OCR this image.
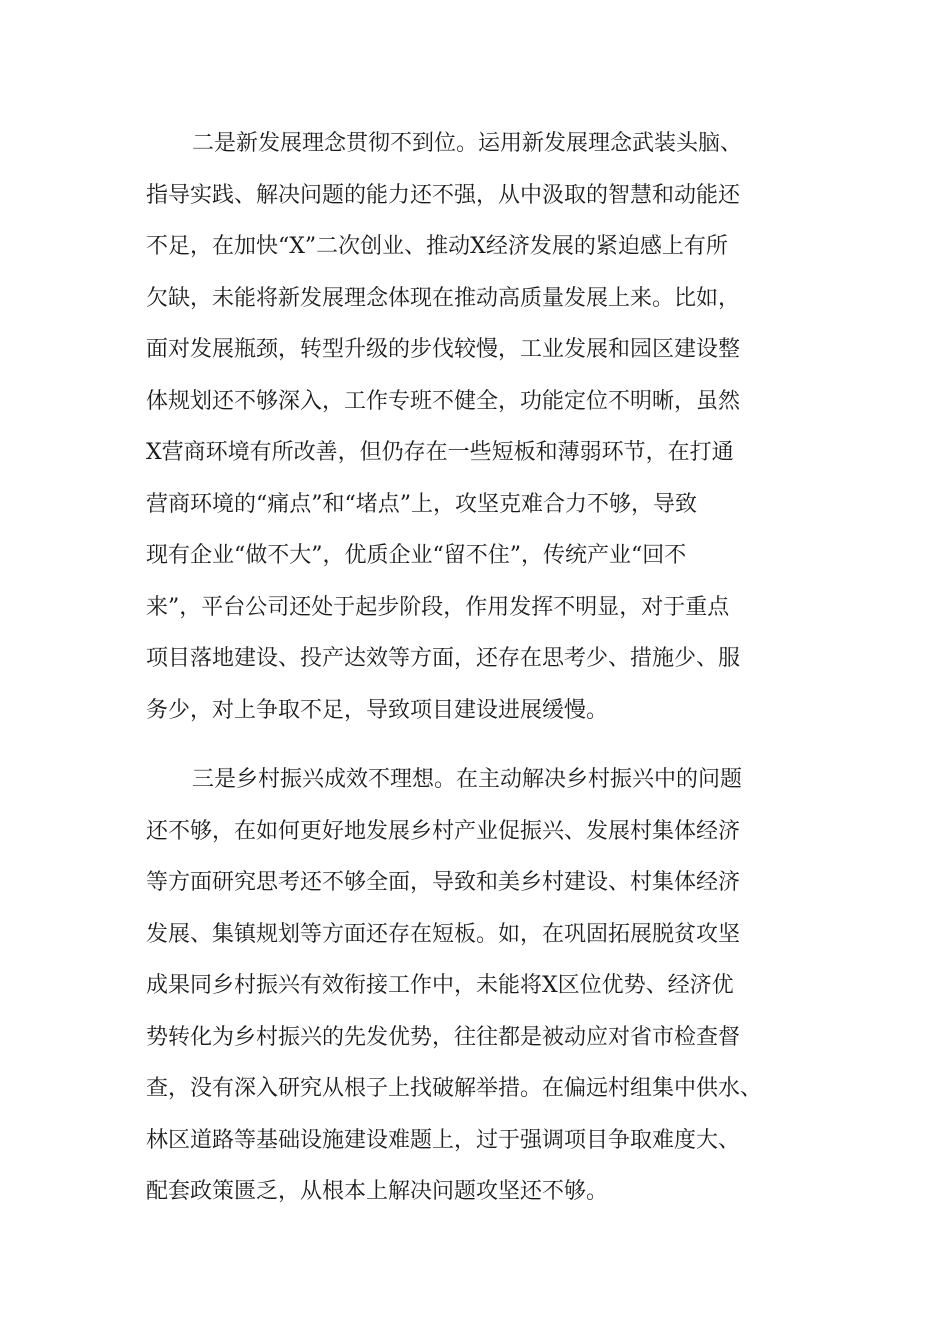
二是新发展理念贯彻不到位。运用新发展理念武装头脑、
指导实践、解决问题的能力还不强，从中汲取的智慧和动能还
不足，在加快“X”二次创业、推动X经济发展的紧迫感上有所
欠缺，未能将新发展理念体现在推动高质量发展上来。比如，
面对发展瓶颈，转型升级的步伐较慢，工业发展和园区建设整
体规划还不够深入，工作专班不健全，功能定位不明晰，虽然
X营商环境有所改善，但仍存在一些短板和薄弱环节，在打通
营商环境的“痛点”和“堵点”上，攻坚克难合力不够，导致
现有企业“做不大”，优质企业“留不住”，传统产业“回不
来”，平台公司还处于起步阶段，作用发挥不明显，对于重点
项目落地建设、投产达效等方面，还存在思考少、措施少、服
务少，对上争取不足，导致项目建设进展缓慢。
三是乡村振兴成效不理想。在主动解决乡村振兴中的问题
还不够，在如何更好地发展乡村产业促振兴、发展村集体经济
等方面研究思考还不够全面，导致和美乡村建设、村集体经济
发展、集镇规划等方面还存在短板。如，在巩固拓展脱贫攻坚
成果同乡村振兴有效衔接工作中，未能将X区位优势、经济优
势转化为乡村振兴的先发优势，往往都是被动应对省市检查督
查，没有深入研究从根子上找破解举措。在偏远村组集中供水、
林区道路等基础设施建设难题上，过于强调项目争取难度大、
配套政策匮乏，从根本上解决问题攻坚还不够。
